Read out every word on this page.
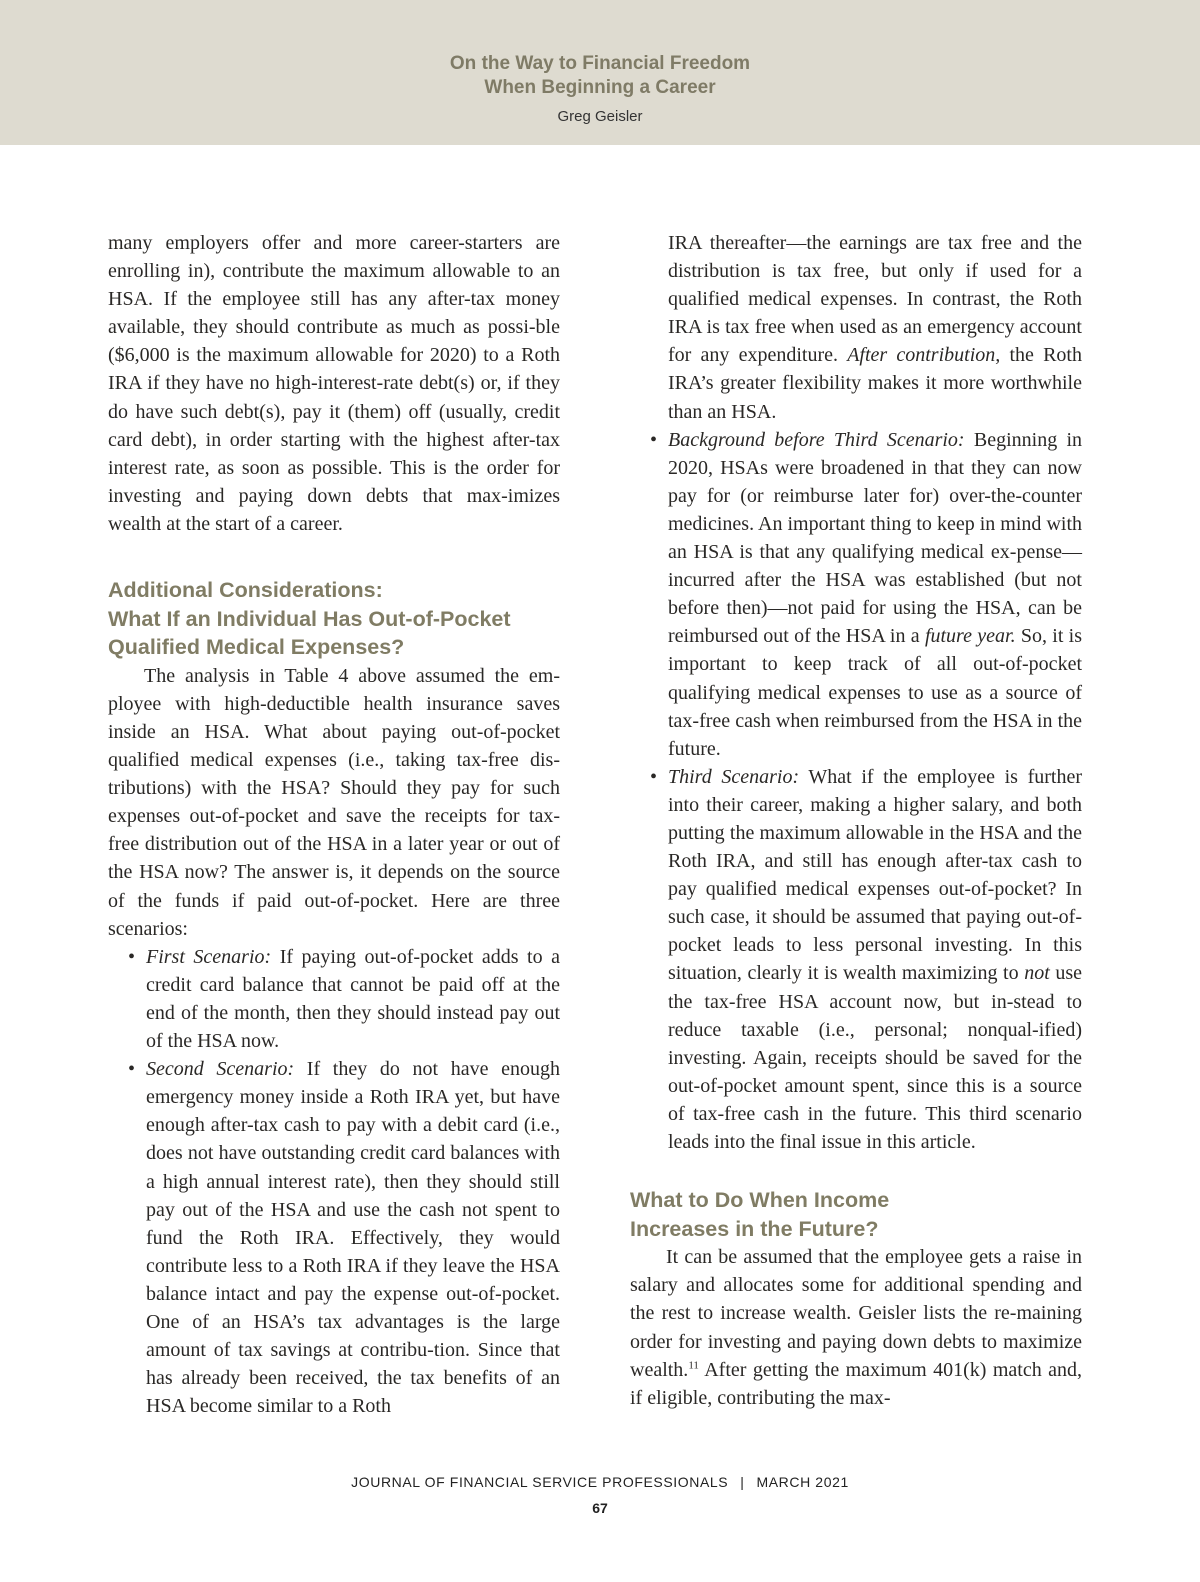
On the Way to Financial Freedom
When Beginning a Career
Greg Geisler

many employers offer and more career-starters are enrolling in), contribute the maximum allowable to an HSA. If the employee still has any after-tax money available, they should contribute as much as possi-ble ($6,000 is the maximum allowable for 2020) to a Roth IRA if they have no high-interest-rate debt(s) or, if they do have such debt(s), pay it (them) off (usually, credit card debt), in order starting with the highest after-tax interest rate, as soon as possible. This is the order for investing and paying down debts that max-imizes wealth at the start of a career.

Additional Considerations:
What If an Individual Has Out-of-Pocket
Qualified Medical Expenses?

The analysis in Table 4 above assumed the em-ployee with high-deductible health insurance saves inside an HSA. What about paying out-of-pocket qualified medical expenses (i.e., taking tax-free dis-tributions) with the HSA? Should they pay for such expenses out-of-pocket and save the receipts for tax-free distribution out of the HSA in a later year or out of the HSA now? The answer is, it depends on the source of the funds if paid out-of-pocket. Here are three scenarios:

• First Scenario: If paying out-of-pocket adds to a credit card balance that cannot be paid off at the end of the month, then they should instead pay out of the HSA now.
• Second Scenario: If they do not have enough emergency money inside a Roth IRA yet, but have enough after-tax cash to pay with a debit card (i.e., does not have outstanding credit card balances with a high annual interest rate), then they should still pay out of the HSA and use the cash not spent to fund the Roth IRA. Effectively, they would contribute less to a Roth IRA if they leave the HSA balance intact and pay the expense out-of-pocket. One of an HSA’s tax advantages is the large amount of tax savings at contribu-tion. Since that has already been received, the tax benefits of an HSA become similar to a Roth

IRA thereafter—the earnings are tax free and the distribution is tax free, but only if used for a qualified medical expenses. In contrast, the Roth IRA is tax free when used as an emergency account for any expenditure. After contribution, the Roth IRA’s greater flexibility makes it more worthwhile than an HSA.

• Background before Third Scenario: Beginning in 2020, HSAs were broadened in that they can now pay for (or reimburse later for) over-the-counter medicines. An important thing to keep in mind with an HSA is that any qualifying medical ex-pense—incurred after the HSA was established (but not before then)—not paid for using the HSA, can be reimbursed out of the HSA in a future year. So, it is important to keep track of all out-of-pocket qualifying medical expenses to use as a source of tax-free cash when reimbursed from the HSA in the future.
• Third Scenario: What if the employee is further into their career, making a higher salary, and both putting the maximum allowable in the HSA and the Roth IRA, and still has enough after-tax cash to pay qualified medical expenses out-of-pocket? In such case, it should be assumed that paying out-of-pocket leads to less personal investing. In this situation, clearly it is wealth maximizing to not use the tax-free HSA account now, but in-stead to reduce taxable (i.e., personal; nonqual-ified) investing. Again, receipts should be saved for the out-of-pocket amount spent, since this is a source of tax-free cash in the future. This third scenario leads into the final issue in this article.
What to Do When Income
Increases in the Future?

It can be assumed that the employee gets a raise in salary and allocates some for additional spending and the rest to increase wealth. Geisler lists the re-maining order for investing and paying down debts to maximize wealth.$^{11}$ After getting the maximum 401(k) match and, if eligible, contributing the max-

JOURNAL OF FINANCIAL SERVICE PROFESSIONALS | MARCH 2021
67
